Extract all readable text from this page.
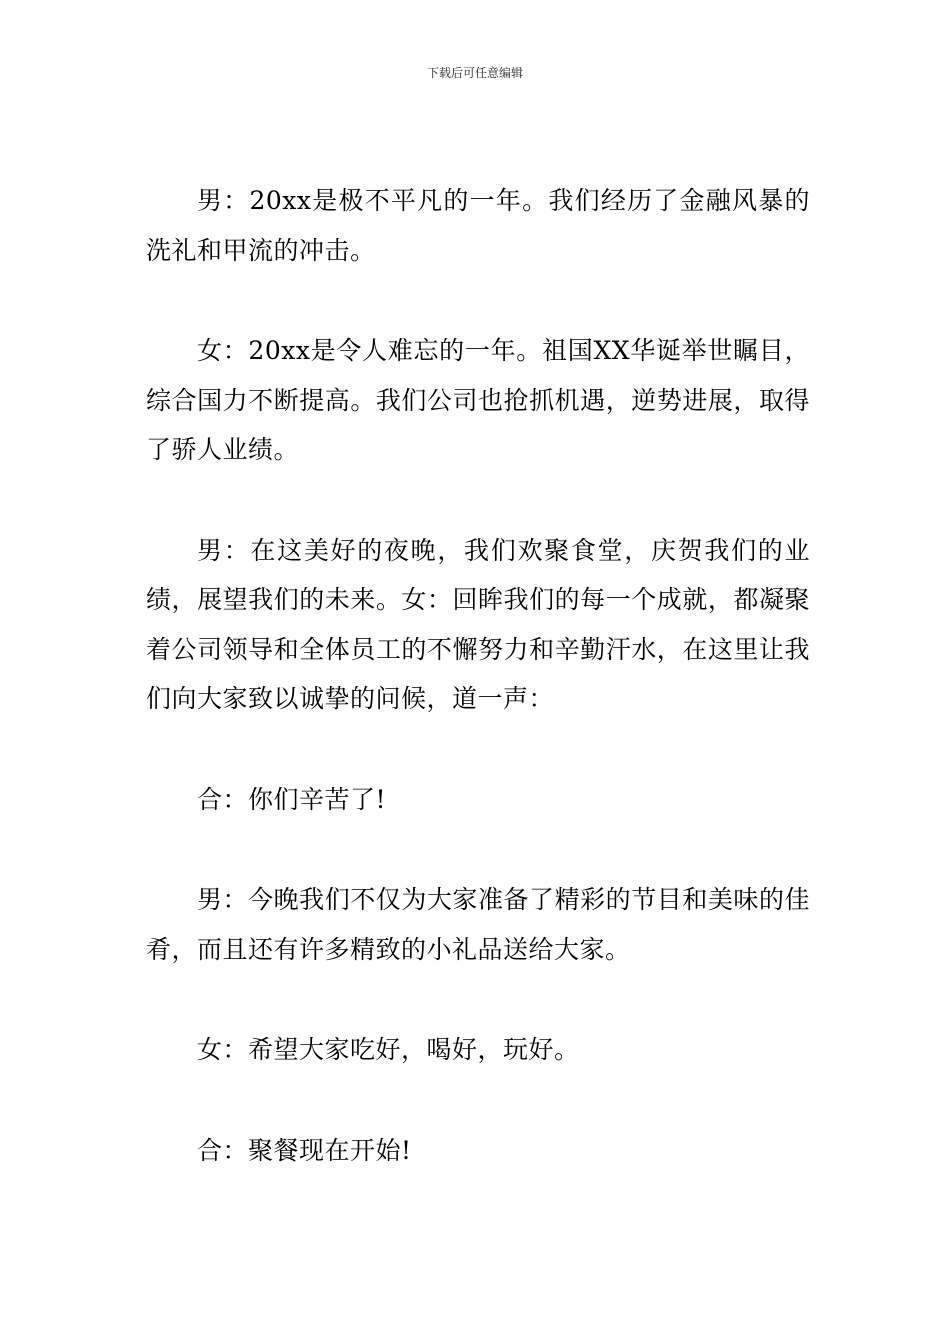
下载后可任意编辑

男：20xx是极不平凡的一年。我们经历了金融风暴的洗礼和甲流的冲击。

女：20xx是令人难忘的一年。祖国XX华诞举世瞩目，综合国力不断提高。我们公司也抢抓机遇，逆势进展，取得了骄人业绩。

男：在这美好的夜晚，我们欢聚食堂，庆贺我们的业绩，展望我们的未来。女：回眸我们的每一个成就，都凝聚着公司领导和全体员工的不懈努力和辛勤汗水，在这里让我们向大家致以诚挚的问候，道一声：

合：你们辛苦了!

男：今晚我们不仅为大家准备了精彩的节目和美味的佳肴，而且还有许多精致的小礼品送给大家。

女：希望大家吃好，喝好，玩好。

合：聚餐现在开始!
